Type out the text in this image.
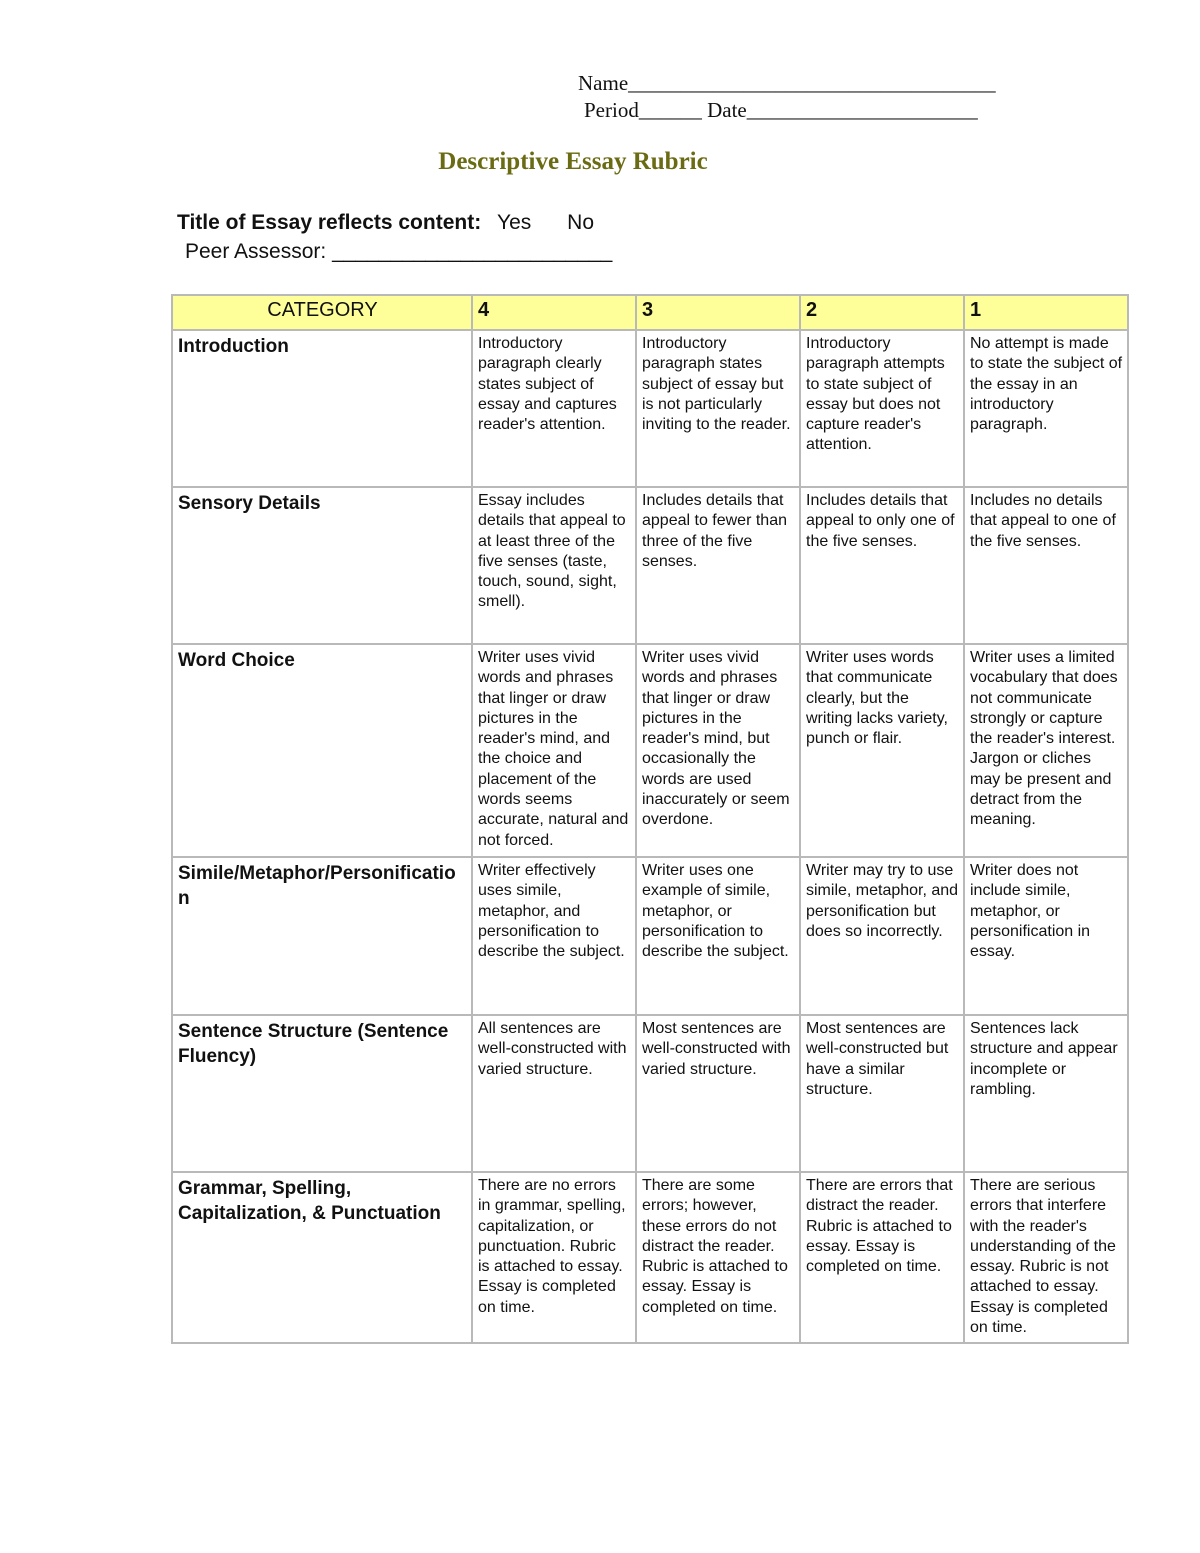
Name___________________________________
Period______ Date______________________
Descriptive Essay Rubric
Title of Essay reflects content: Yes No
Peer Assessor: ________________________
CATEGORY	4	3	2	1
Introduction	Introductory paragraph clearly states subject of essay and captures reader's attention.	Introductory paragraph states subject of essay but is not particularly inviting to the reader.	Introductory paragraph attempts to state subject of essay but does not capture reader's attention.	No attempt is made to state the subject of the essay in an introductory paragraph.
Sensory Details	Essay includes details that appeal to at least three of the five senses (taste, touch, sound, sight, smell).	Includes details that appeal to fewer than three of the five senses.	Includes details that appeal to only one of the five senses.	Includes no details that appeal to one of the five senses.
Word Choice	Writer uses vivid words and phrases that linger or draw pictures in the reader's mind, and the choice and placement of the words seems accurate, natural and not forced.	Writer uses vivid words and phrases that linger or draw pictures in the reader's mind, but occasionally the words are used inaccurately or seem overdone.	Writer uses words that communicate clearly, but the writing lacks variety, punch or flair.	Writer uses a limited vocabulary that does not communicate strongly or capture the reader's interest. Jargon or cliches may be present and detract from the meaning.
Simile/Metaphor/Personification	Writer effectively uses simile, metaphor, and personification to describe the subject.	Writer uses one example of simile, metaphor, or personification to describe the subject.	Writer may try to use simile, metaphor, and personification but does so incorrectly.	Writer does not include simile, metaphor, or personification in essay.
Sentence Structure (Sentence Fluency)	All sentences are well-constructed with varied structure.	Most sentences are well-constructed with varied structure.	Most sentences are well-constructed but have a similar structure.	Sentences lack structure and appear incomplete or rambling.
Grammar, Spelling, Capitalization, & Punctuation	There are no errors in grammar, spelling, capitalization, or punctuation. Rubric is attached to essay. Essay is completed on time.	There are some errors; however, these errors do not distract the reader. Rubric is attached to essay. Essay is completed on time.	There are errors that distract the reader. Rubric is attached to essay. Essay is completed on time.	There are serious errors that interfere with the reader's understanding of the essay. Rubric is not attached to essay. Essay is completed on time.
